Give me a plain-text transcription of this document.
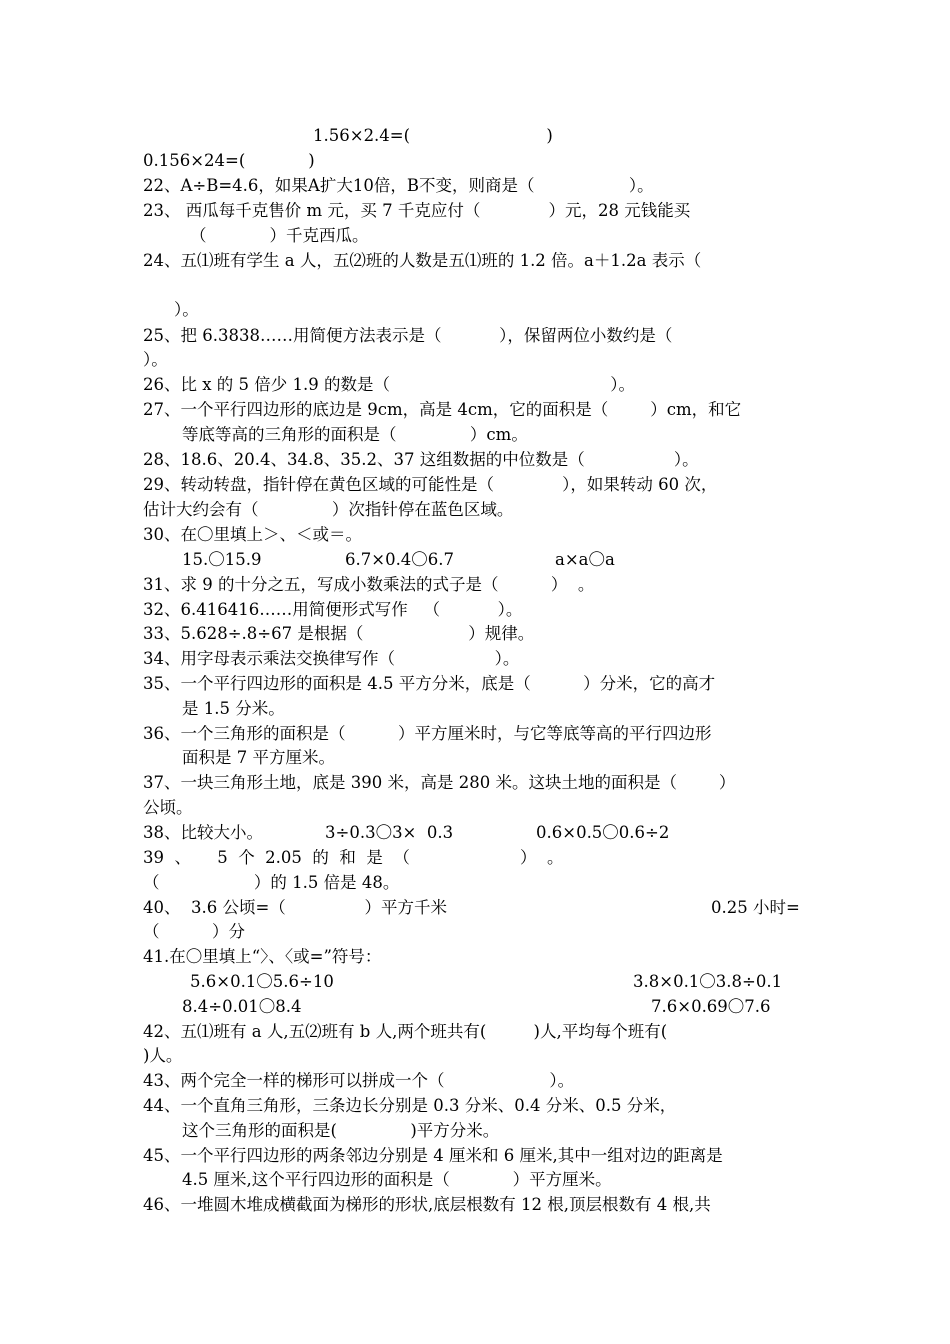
1.56×2.4=(                          )
0.156×24=(            )
22、A÷B=4.6，如果A扩大10倍，B不变，则商是（                  ）。
23、 西瓜每千克售价 m 元，买 7 千克应付（             ）元，28 元钱能买
（            ）千克西瓜。
24、五⑴班有学生 a 人，五⑵班的人数是五⑴班的 1.2 倍。a＋1.2a 表示（
）。
25、把 6.3838……用简便方法表示是（           ），保留两位小数约是（
）。
26、比 x 的 5 倍少 1.9 的数是（                                          ）。
27、一个平行四边形的底边是 9cm，高是 4cm，它的面积是（        ）cm，和它
等底等高的三角形的面积是（              ）cm。
28、18.6、20.4、34.8、35.2、37 这组数据的中位数是（                 ）。
29、转动转盘，指针停在黄色区域的可能性是（             ），如果转动 60 次，
估计大约会有（              ）次指针停在蓝色区域。
30、在〇里填上＞、＜或＝。
15.〇15.9	6.7×0.4〇6.7	a×a〇a
31、求 9 的十分之五，写成小数乘法的式子是（          ）  。
32、6.416416……用简便形式写作   （           ）。
33、5.628÷.8÷67 是根据（                    ）规律。
34、用字母表示乘法交换律写作（                   ）。
35、一个平行四边形的面积是 4.5 平方分米，底是（          ）分米，它的高才
是 1.5 分米。
36、一个三角形的面积是（          ）平方厘米时，与它等底等高的平行四边形
面积是 7 平方厘米。
37、一块三角形土地，底是 390 米，高是 280 米。这块土地的面积是（        ）
公顷。
38、比较大小。	3÷0.3〇3×  0.3	0.6×0.5〇0.6÷2
39  、     5  个  2.05  的  和  是  （                     ）  。
（                  ）的 1.5 倍是 48。
40、  3.6 公顷=（               ）平方千米	0.25 小时=
（          ）分
41.在〇里填上“〉、〈或=”符号：
5.6×0.1〇5.6÷10	3.8×0.1〇3.8÷0.1
8.4÷0.01〇8.4	7.6×0.69〇7.6
42、五⑴班有 a 人,五⑵班有 b 人,两个班共有(         )人,平均每个班有(
)人。
43、两个完全一样的梯形可以拼成一个（                    ）。
44、一个直角三角形，三条边长分别是 0.3 分米、0.4 分米、0.5 分米，
这个三角形的面积是(              )平方分米。
45、一个平行四边形的两条邻边分别是 4 厘米和 6 厘米,其中一组对边的距离是
4.5 厘米,这个平行四边形的面积是（            ）平方厘米。
46、一堆圆木堆成横截面为梯形的形状,底层根数有 12 根,顶层根数有 4 根,共
